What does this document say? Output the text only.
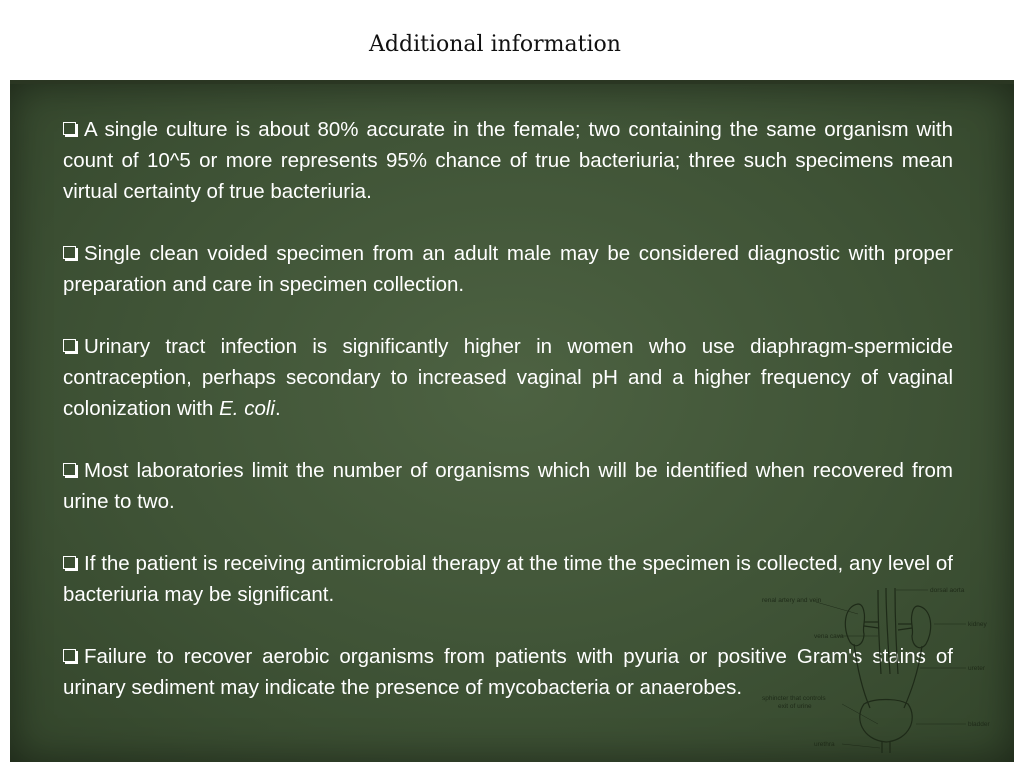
Additional information

A single culture is about 80% accurate in the female; two containing the same organism with count of 10^5 or more represents 95% chance of true bacteriuria; three such specimens mean virtual certainty of true bacteriuria.

Single clean voided specimen from an adult male may be considered diagnostic with proper preparation and care in specimen collection.

Urinary tract infection is significantly higher in women who use diaphragm-spermicide contraception, perhaps secondary to increased vaginal pH and a higher frequency of vaginal colonization with E. coli.

Most laboratories limit the number of organisms which will be identified when recovered from urine to two.

If the patient is receiving antimicrobial therapy at the time the specimen is collected, any level of bacteriuria may be significant.

Failure to recover aerobic organisms from patients with pyuria or positive Gram's stains of urinary sediment may indicate the presence of mycobacteria or anaerobes.

dorsal aorta
renal artery and vein
kidney
vena cava
ureter
sphincter that controls
exit of urine
bladder
urethra
